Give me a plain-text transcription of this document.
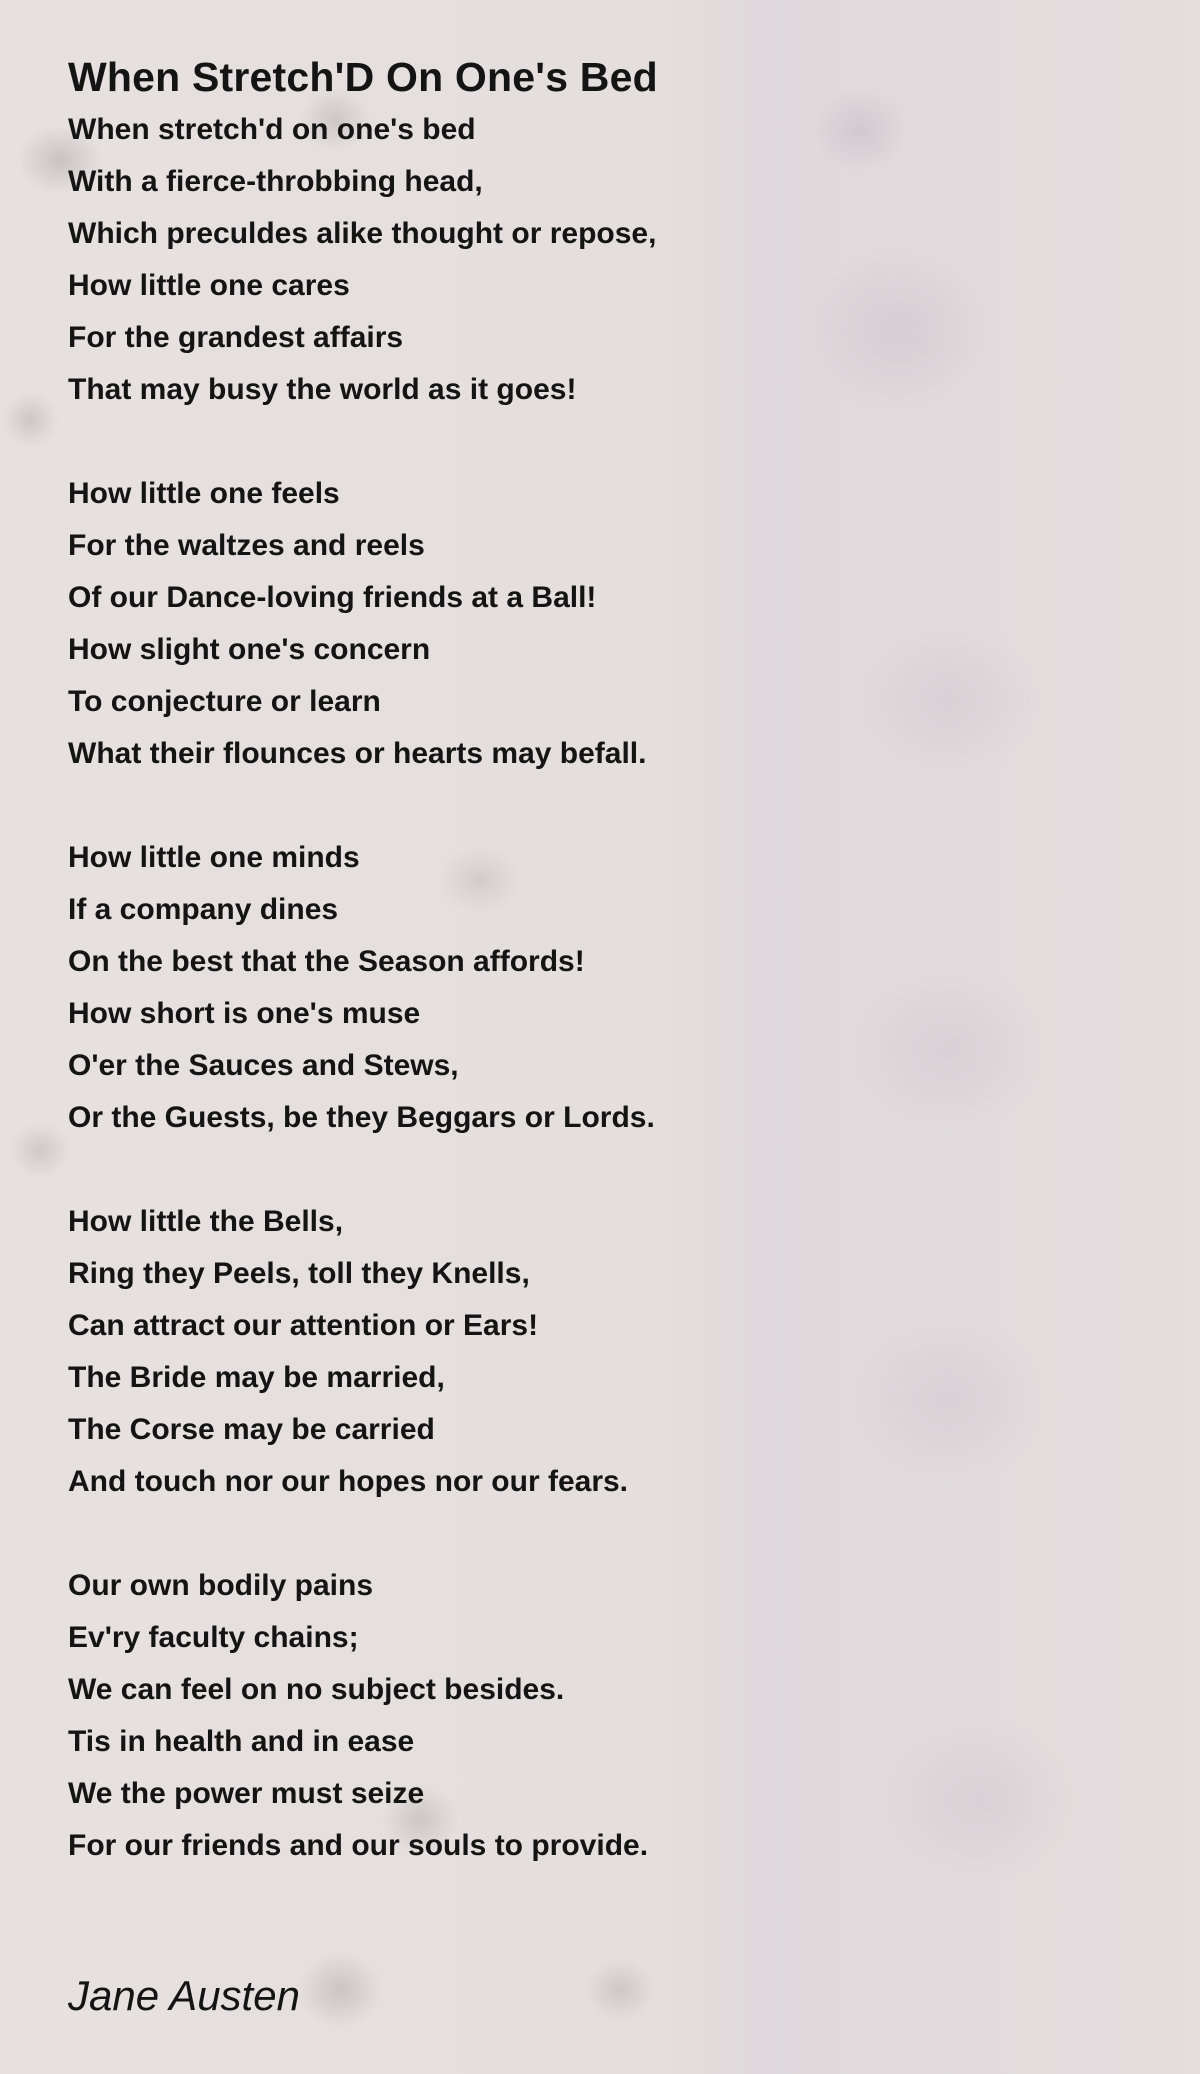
When Stretch'D On One's Bed

When stretch'd on one's bed
With a fierce-throbbing head,
Which preculdes alike thought or repose,
How little one cares
For the grandest affairs
That may busy the world as it goes!

How little one feels
For the waltzes and reels
Of our Dance-loving friends at a Ball!
How slight one's concern
To conjecture or learn
What their flounces or hearts may befall.

How little one minds
If a company dines
On the best that the Season affords!
How short is one's muse
O'er the Sauces and Stews,
Or the Guests, be they Beggars or Lords.

How little the Bells,
Ring they Peels, toll they Knells,
Can attract our attention or Ears!
The Bride may be married,
The Corse may be carried
And touch nor our hopes nor our fears.

Our own bodily pains
Ev'ry faculty chains;
We can feel on no subject besides.
Tis in health and in ease
We the power must seize
For our friends and our souls to provide.

Jane Austen
